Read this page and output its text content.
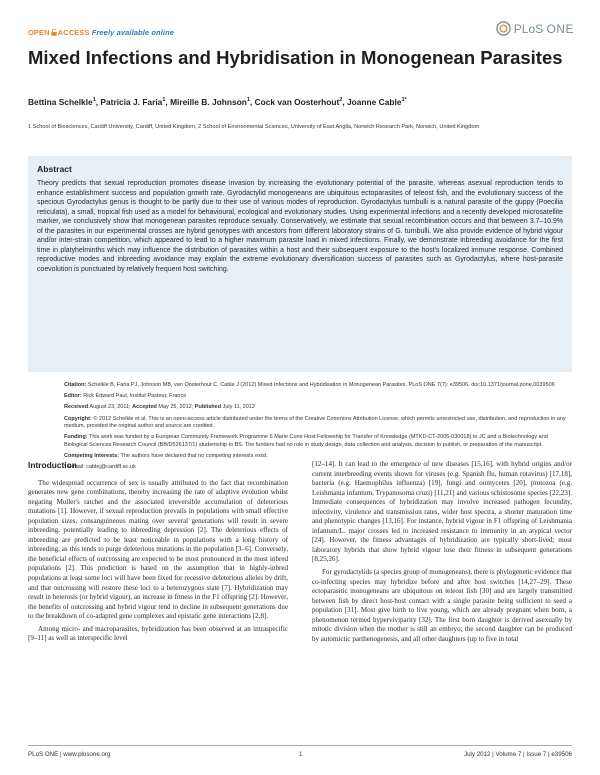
OPEN ACCESS Freely available online	PLoS
ONE
Mixed Infections and Hybridisation in Monogenean Parasites
Bettina Schelkle$^1$, Patricia J. Faria$^1$, Mireille B. Johnson$^1$, Cock van Oosterhout$^2$, Joanne Cable$^{1*}$
1 School of Biosciences, Cardiff University, Cardiff, United Kingdom, 2 School of Environmental Sciences, University of East Anglia, Norwich Research Park, Norwich, United Kingdom
Abstract

Theory predicts that sexual reproduction promotes disease invasion by increasing the evolutionary potential of the parasite, whereas asexual reproduction tends to enhance establishment success and population growth rate. Gyrodactylid monogeneans are ubiquitous ectoparasites of teleost fish, and the evolutionary success of the specious Gyrodactylus genus is thought to be partly due to their use of various modes of reproduction. Gyrodactylus turnbulli is a natural parasite of the guppy (Poecilia reticulata), a small, tropical fish used as a model for behavioural, ecological and evolutionary studies. Using experimental infections and a recently developed microsatellite marker, we conclusively show that monogenean parasites reproduce sexually. Conservatively, we estimate that sexual recombination occurs and that between 3.7–10.9% of the parasites in our experimental crosses are hybrid genotypes with ancestors from different laboratory strains of G. turnbulli. We also provide evidence of hybrid vigour and/or inter-strain competition, which appeared to lead to a higher maximum parasite load in mixed infections. Finally, we demonstrate inbreeding avoidance for the first time in platyhelminths which may influence the distribution of parasites within a host and their subsequent exposure to the host's localized immune response. Combined reproductive modes and inbreeding avoidance may explain the extreme evolutionary diversification success of parasites such as Gyrodactylus, where host-parasite coevolution is punctuated by relatively frequent host switching.

Citation: Schelkle B, Faria PJ, Johnson MB, van Oosterhout C, Cable J (2012) Mixed Infections and Hybridisation in Monogenean Parasites. PLoS ONE 7(7): e39506. doi:10.1371/journal.pone.0039506
Editor: Rick Edward Paul, Institut Pasteur, France
Received August 23, 2011; Accepted May 25, 2012; Published July 11, 2012
Copyright: © 2012 Schelkle et al. This is an open-access article distributed under the terms of the Creative Commons Attribution License, which permits unrestricted use, distribution, and reproduction in any medium, provided the original author and source are credited.
Funding: This work was funded by a European Community Framework Programme 6 Marie Curie Host Fellowship for Transfer of Knowledge (MTKD-CT-2005-030018) to JC and a Biotechnology and Biological Sciences Research Council (BB/D526137/1) studentship to BS. The funders had no role in study design, data collection and analysis, decision to publish, or preparation of the manuscript.
Competing Interests: The authors have declared that no competing interests exist.
* E-mail: cablej@cardiff.ac.uk
Introduction

The widespread occurrence of sex is usually attributed to the fact that recombination generates new gene combinations, thereby increasing the rate of adaptive evolution whilst negating Muller's ratchet and the associated irreversible accumulation of deleterious mutations [1]. However, if sexual reproduction prevails in populations with small effective population sizes, consanguineous mating over several generations will result in severe inbreeding, potentially leading to inbreeding depression [2]. The deleterious effects of inbreeding are predicted to be least noticeable in populations with a long history of inbreeding, as this tends to purge deleterious mutations in the population [3–6]. Conversely, the beneficial effects of outcrossing are expected to be most pronounced in the most inbred populations [2]. This prediction is based on the assumption that in highly-inbred populations at least some loci will have been fixed for recessive deleterious alleles by drift, and that outcrossing will restore these loci to a heterozygous state [7]. Hybridization may result in heterosis (or hybrid vigour), an increase in fitness in the F1 offspring [2]. However, the benefits of outcrossing and hybrid vigour tend to decline in subsequent generations due to the breakdown of co-adapted gene complexes and epistatic gene interactions [2,8].

Among micro- and macroparasites, hybridization has been observed at an intraspecific [9–11] as well as interspecific level

[12–14]. It can lead to the emergence of new diseases [15,16], with hybrid origins and/or current interbreeding events shown for viruses (e.g. Spanish flu, human rotavirus) [17,18], bacteria (e.g. Haemophilus influenza) [19], fungi and oomycetes [20], protozoa (e.g. Leishmania infantum, Trypanosoma cruzi) [11,21] and various schistosome species [22,23]. Immediate consequences of hybridization may involve increased pathogen fecundity, infectivity, virulence and transmission rates, wider host spectra, a shorter maturation time and phenotypic changes [13,16]. For instance, hybrid vigour in F1 offspring of Leishmania infantum/L. major crosses led to increased resistance to immunity in an atypical vector [24]. However, the fitness advantages of hybridization are typically short-lived; most laboratory hybrids that show hybrid vigour lose their fitness in subsequent generations [8,25,26].

For gyrodactylids (a species group of monogeneans), there is phylogenetic evidence that co-infecting species may hybridize before and after host switches [14,27–29]. These ectoparasitic monogeneans are ubiquitous on teleost fish [30] and are largely transmitted between fish by direct host-host contact with a single parasite being sufficient to seed a population [31]. Most give birth to live young, which are already pregnant when born, a phenomenon termed hyperviviparity [32]. The first born daughter is derived asexually by mitotic division when the mother is still an embryo; the second daughter can be produced by automictic parthenogenesis, and all other daughters (up to five in total

PLoS ONE | www.plosone.org	1	July 2012 | Volume 7 | Issue 7 | e39506
